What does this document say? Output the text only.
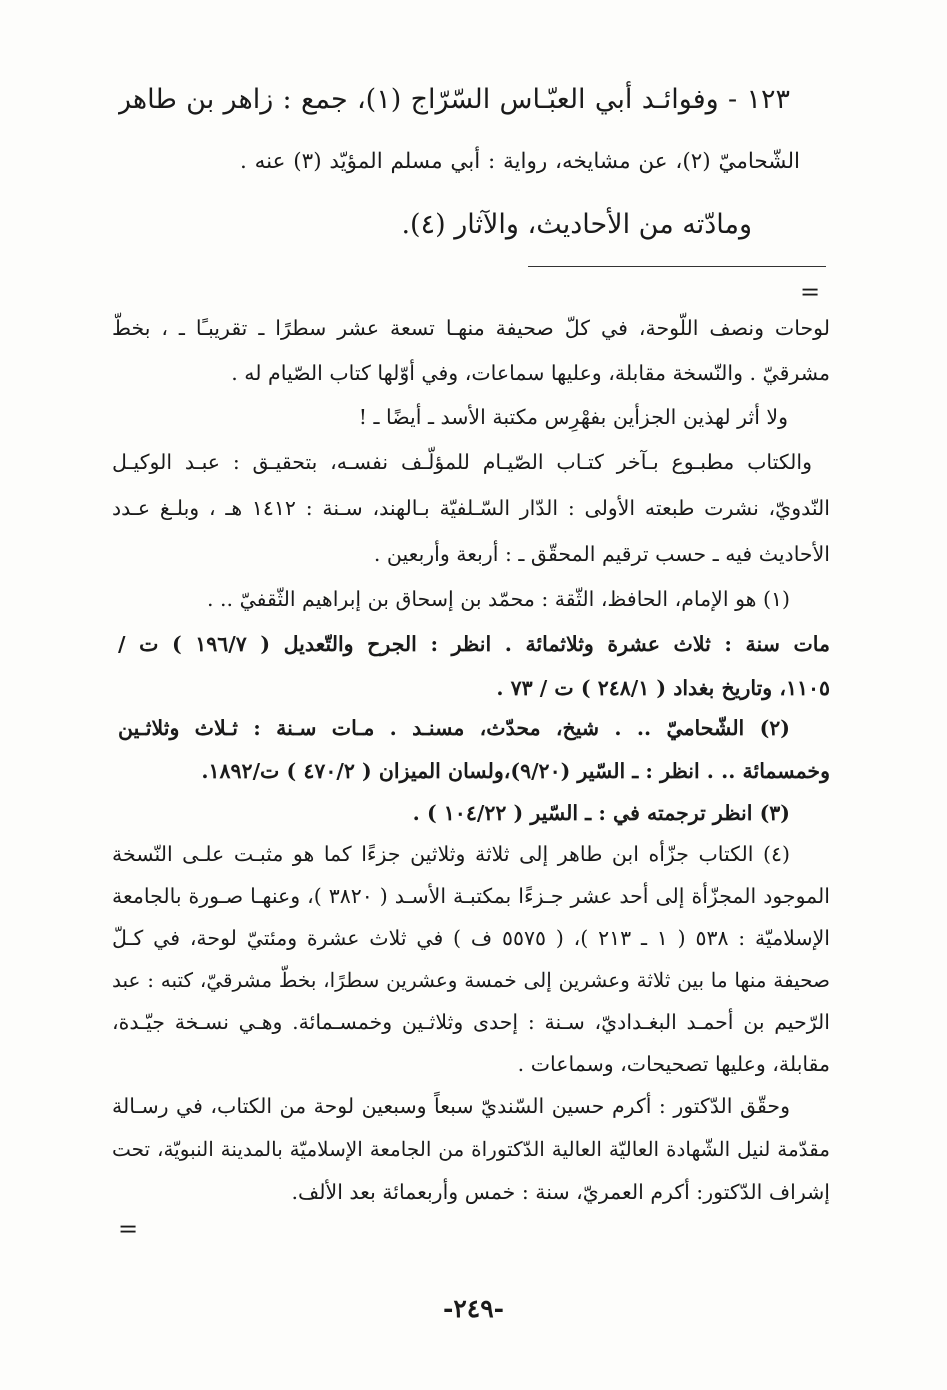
١٢٣ - وفوائـد أبي العبّـاس السّرّاج (١)، جمع : زاهر بن طاهر
الشّحاميّ (٢)، عن مشايخه، رواية : أبي مسلم المؤيّد (٣) عنه .
ومادّته من الأحاديث، والآثار (٤).
=
لوحات ونصف اللّوحة، في كلّ صحيفة منهـا تسعة عشر سطرًا ـ تقريبـًا ـ ، بخطّ
مشرقيّ . والنّسخة مقابلة، وعليها سماعات، وفي أوّلها كتاب الصّيام له .
ولا أثر لهذين الجزأين بفهْرِس مكتبة الأسد ـ أيضًا ـ !
والكتاب مطبـوع بـآخر كتـاب الصّيـام للمؤلّـف نفسـه، بتحقيـق : عبـد الوكيـل
النّدويّ، نشرت طبعته الأولى : الدّار السّـلفيّة بـالهند، سـنة : ١٤١٢ هـ ، وبلـغ عـدد
الأحاديث فيه ـ حسب ترقيم المحقّق ـ : أربعة وأربعين .
(١) هو الإمام، الحافظ، الثّقة : محمّد بن إسحاق بن إبراهيم الثّقفيّ .. .
مات سنة : ثلاث عشرة وثلاثمائة . انظر : الجرح والتّعديل ( ١٩٦/٧ ) ت /
١١٠٥، وتاريخ بغداد ( ٢٤٨/١ ) ت / ٧٣ .
(٢) الشّحاميّ .. . شيخ، محدّث، مسنـد . مـات سـنة : ثـلاث وثلاثـين
وخمسمائة .. . انظر : ـ السّير (٩/٢٠)،ولسان الميزان ( ٤٧٠/٢ ) ت/١٨٩٢.
(٣) انظر ترجمته في : ـ السّير ( ١٠٤/٢٢ ) .
(٤) الكتاب جزّأه ابن طاهر إلى ثلاثة وثلاثين جزءًا كما هو مثبـت علـى النّسخة
الموجود المجزّأة إلى أحد عشر جـزءًا بمكتبـة الأسـد ( ٣٨٢٠ )، وعنهـا صـورة بالجامعة
الإسلاميّة : ٥٣٨ ( ١ ـ ٢١٣ )، ( ٥٥٧٥ ف ) في ثلاث عشرة ومئتيّ لوحة، في كـلّ
صحيفة منها ما بين ثلاثة وعشرين إلى خمسة وعشرين سطرًا، بخطّ مشرقيّ، كتبه : عبد
الرّحيم بن أحمـد البغـداديّ، سـنة : إحدى وثلاثـين وخمسـمائة. وهـي نسـخة جيّـدة،
مقابلة، وعليها تصحيحات، وسماعات .
وحقّق الدّكتور : أكرم حسين السّنديّ سبعاً وسبعين لوحة من الكتاب، في رسـالة
مقدّمة لنيل الشّهادة العاليّة العالية الدّكتوراة من الجامعة الإسلاميّة بالمدينة النبويّة، تحت
إشراف الدّكتور: أكرم العمريّ، سنة : خمس وأربعمائة بعد الألف.
=
-٢٤٩-
